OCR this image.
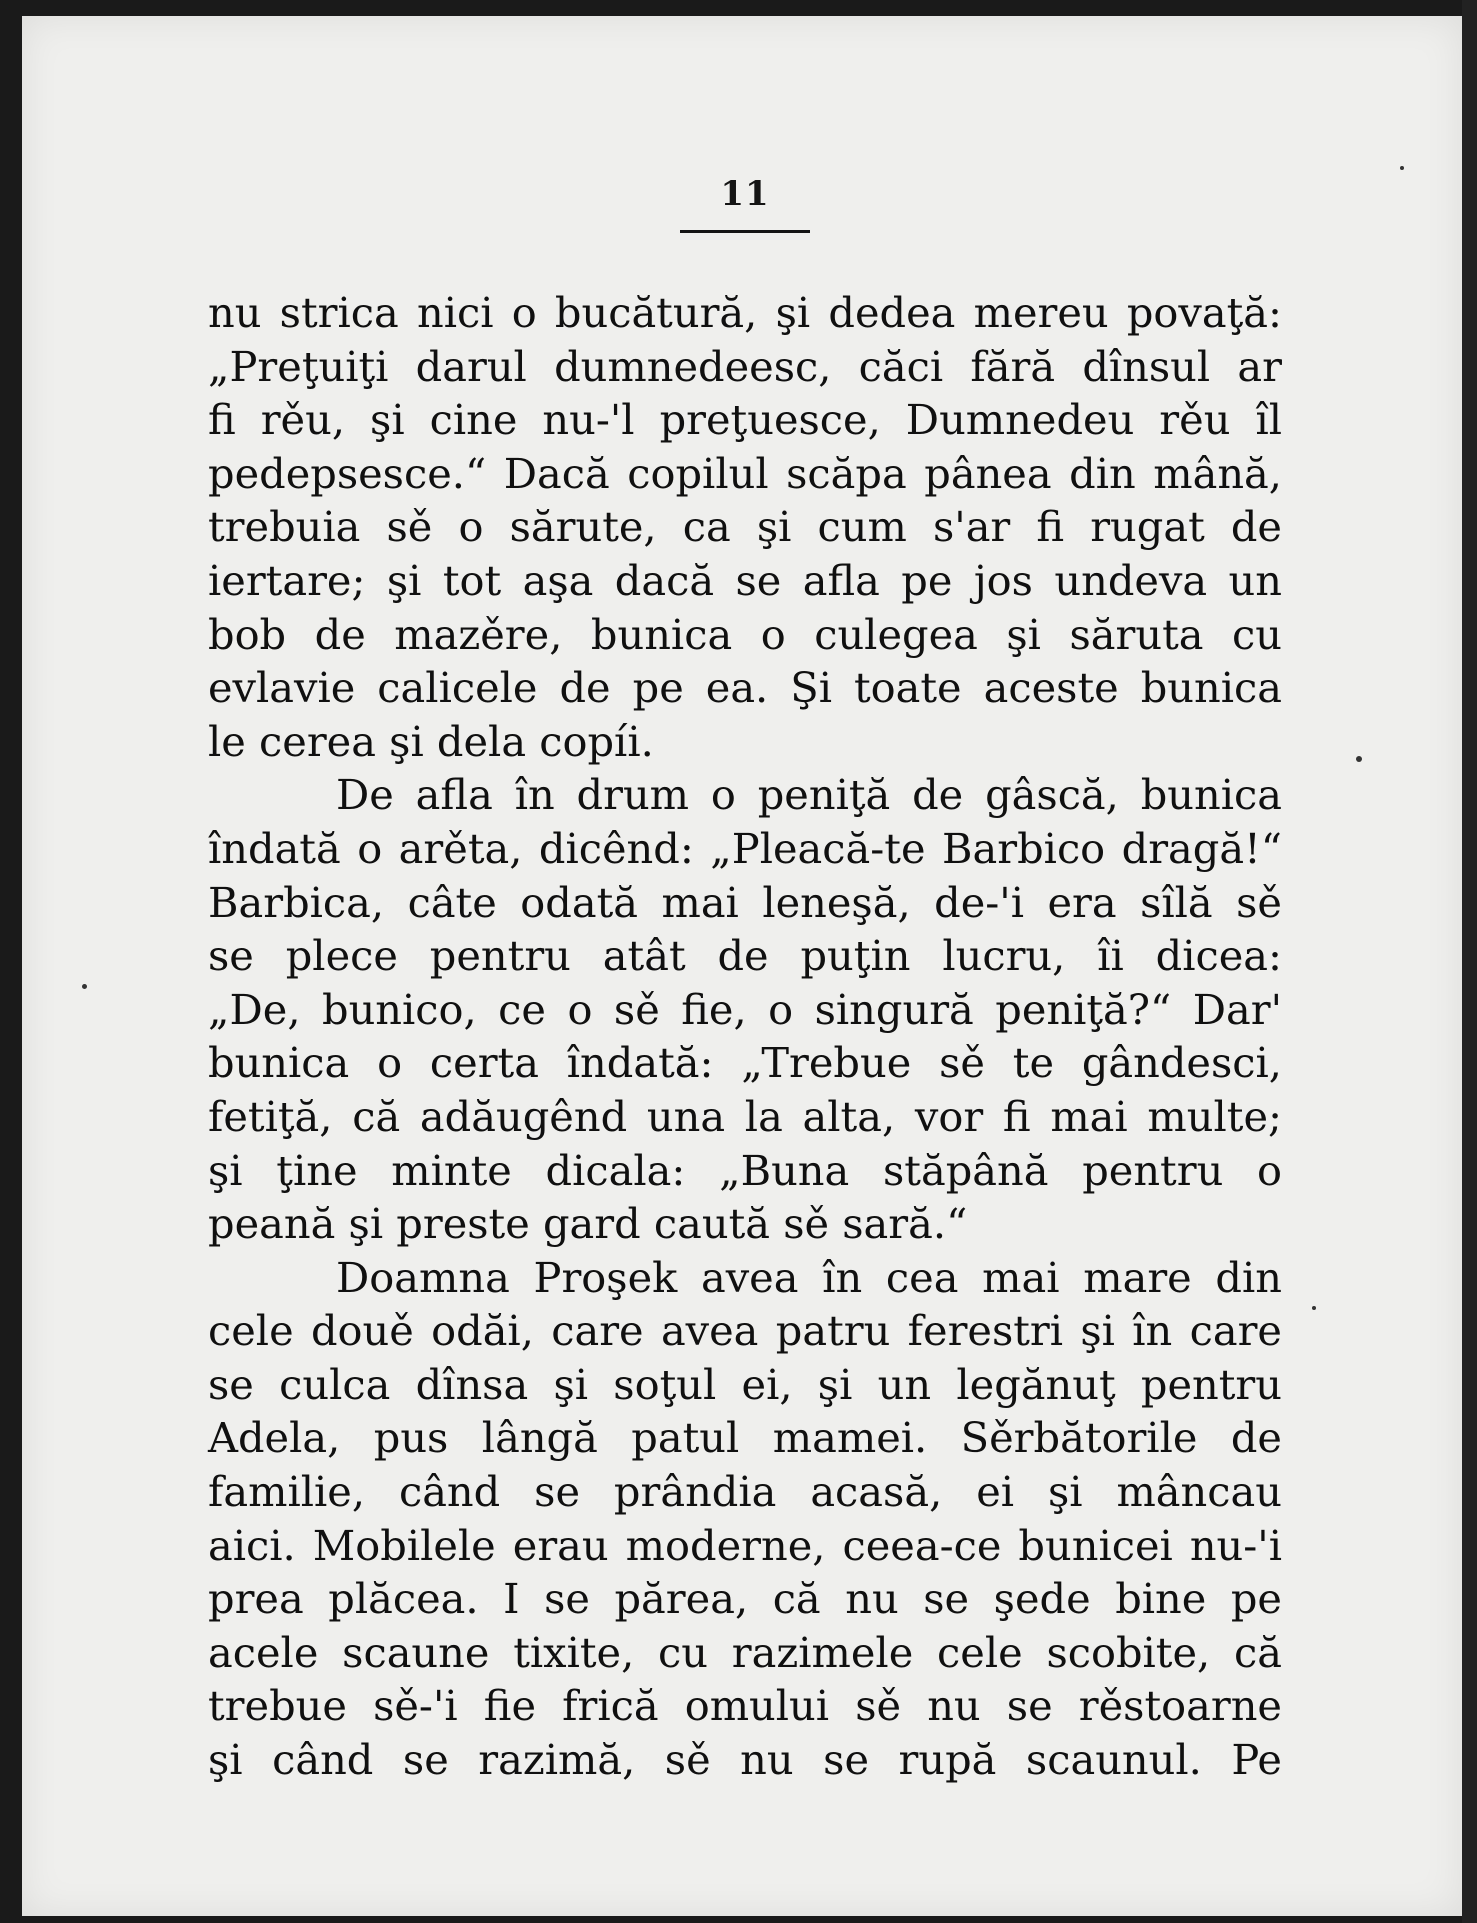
11
nu strica nici o bucătură, şi dedea mereu povaţă:
„Preţuiţi darul dumnedeesc, căci fără dînsul ar
fi rěu, şi cine nu-'l preţuesce, Dumnedeu rěu îl
pedepsesce.“ Dacă copilul scăpa pânea din mână,
trebuia sě o sărute, ca şi cum s'ar fi rugat de
iertare; şi tot aşa dacă se afla pe jos undeva un
bob de mazěre, bunica o culegea şi săruta cu
evlavie calicele de pe ea. Şi toate aceste bunica
le cerea şi dela copíi.
De afla în drum o peniţă de gâscă, bunica
îndată o arěta, dicênd: „Pleacă-te Barbico dragă!“
Barbica, câte odată mai leneşă, de-'i era sîlă sě
se plece pentru atât de puţin lucru, îi dicea:
„De, bunico, ce o sě fie, o singură peniţă?“ Dar'
bunica o certa îndată: „Trebue sě te gândesci,
fetiţă, că adăugênd una la alta, vor fi mai multe;
şi ţine minte dicala: „Buna stăpână pentru o
peană şi preste gard caută sě sară.“
Doamna Proşek avea în cea mai mare din
cele douě odăi, care avea patru ferestri şi în care
se culca dînsa şi soţul ei, şi un legănuţ pentru
Adela, pus lângă patul mamei. Sěrbătorile de
familie, când se prândia acasă, ei şi mâncau
aici. Mobilele erau moderne, ceea-ce bunicei nu-'i
prea plăcea. I se părea, că nu se şede bine pe
acele scaune tixite, cu razimele cele scobite, că
trebue sě-'i fie frică omului sě nu se rěstoarne
şi când se razimă, sě nu se rupă scaunul. Pe
